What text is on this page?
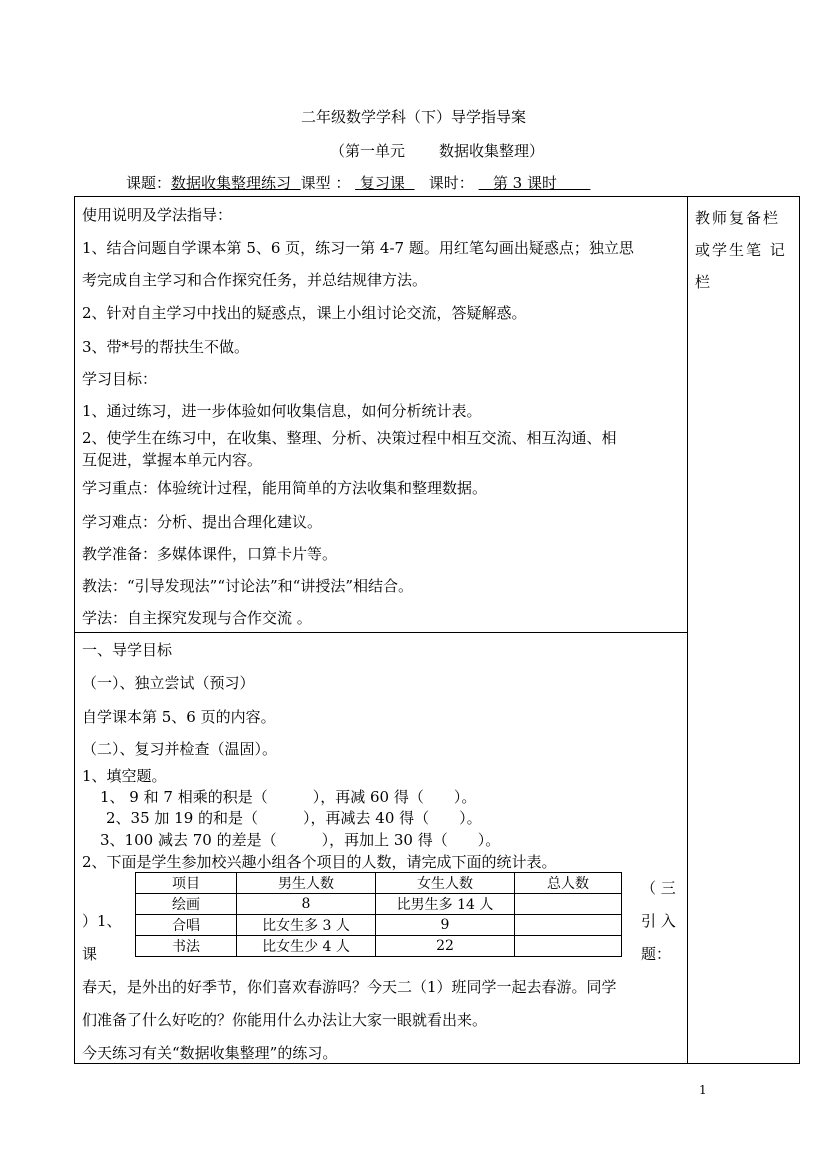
二年级数学学科（下）导学指导案
（第一单元 数据收集整理）
课题：数据收集整理练习 课型 ： 复习课 课时： 第 3 课时
教师复备栏
或学生笔 记
栏
使用说明及学法指导：
1、结合问题自学课本第 5、6 页，练习一第 4-7 题。用红笔勾画出疑惑点；独立思
考完成自主学习和合作探究任务，并总结规律方法。
2、针对自主学习中找出的疑惑点，课上小组讨论交流，答疑解惑。
3、带*号的帮扶生不做。
学习目标：
1、通过练习，进一步体验如何收集信息，如何分析统计表。
2、使学生在练习中，在收集、整理、分析、决策过程中相互交流、相互沟通、相
互促进，掌握本单元内容。
学习重点：体验统计过程，能用简单的方法收集和整理数据。
学习难点：分析、提出合理化建议。
教学准备：多媒体课件，口算卡片等。
教法：“引导发现法”“讨论法”和“讲授法”相结合。
学法：自主探究发现与合作交流 。
一、导学目标
（一）、独立尝试（预习）
自学课本第 5、6 页的内容。
（二）、复习并检查（温固）。
1、填空题。
1、 9 和 7 相乘的积是（　　　），再减 60 得（　　）。
2、35 加 19 的和是（　　　），再减去 40 得（　　）。
3、100 减去 70 的差是（　　　），再加上 30 得（　　）。
2、下面是学生参加校兴趣小组各个项目的人数，请完成下面的统计表。
项目	男生人数	女生人数	总人数
绘画	8	比男生多 14 人	
合唱	比女生多 3 人	9	
书法	比女生少 4 人	22	
）1、
课
（ 三
引 入
题：
春天，是外出的好季节，你们喜欢春游吗？今天二（1）班同学一起去春游。同学
们准备了什么好吃的？你能用什么办法让大家一眼就看出来。
今天练习有关“数据收集整理”的练习。
1
